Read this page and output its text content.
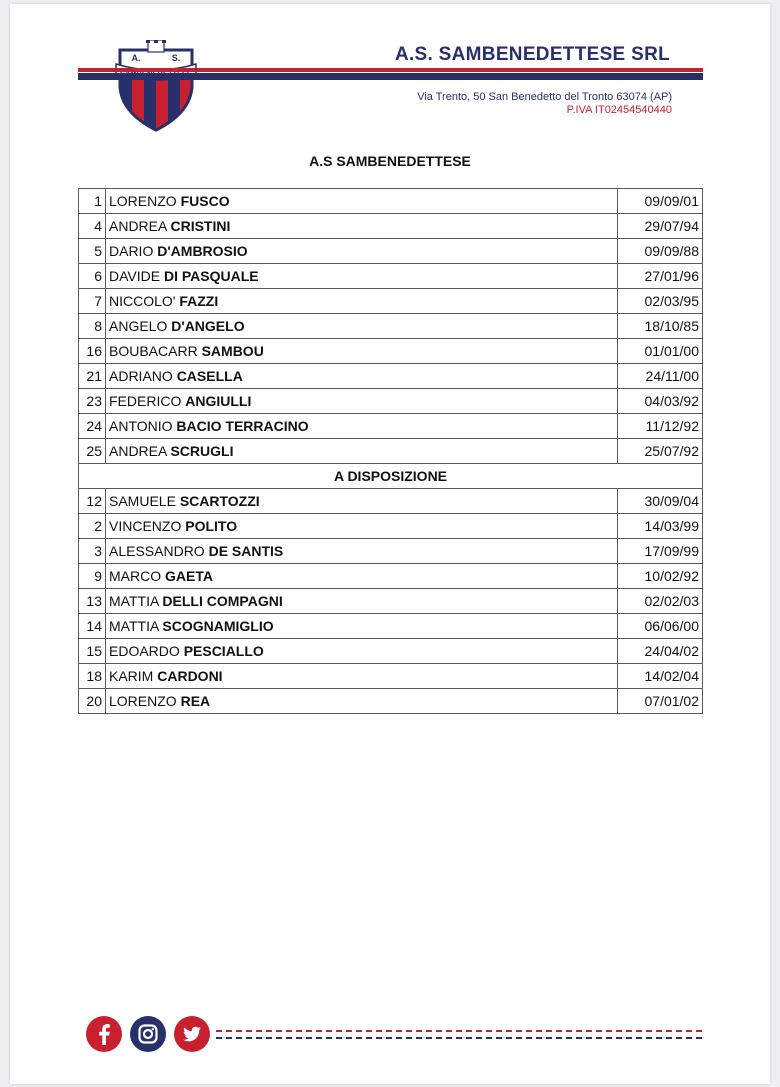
A.	S.	A.S. SAMBENEDETTESE SRL
Via Trento, 50 San Benedetto del Tronto 63074 (AP)
P.IVA IT02454540440
A.S SAMBENEDETTESE
1	LORENZO FUSCO	09/09/01
4	ANDREA CRISTINI	29/07/94
5	DARIO D'AMBROSIO	09/09/88
6	DAVIDE DI PASQUALE	27/01/96
7	NICCOLO' FAZZI	02/03/95
8	ANGELO D'ANGELO	18/10/85
16	BOUBACARR SAMBOU	01/01/00
21	ADRIANO CASELLA	24/11/00
23	FEDERICO ANGIULLI	04/03/92
24	ANTONIO BACIO TERRACINO	11/12/92
25	ANDREA SCRUGLI	25/07/92
A DISPOSIZIONE		
12	SAMUELE SCARTOZZI	30/09/04
2	VINCENZO POLITO	14/03/99
3	ALESSANDRO DE SANTIS	17/09/99
9	MARCO GAETA	10/02/92
13	MATTIA DELLI COMPAGNI	02/02/03
14	MATTIA SCOGNAMIGLIO	06/06/00
15	EDOARDO PESCIALLO	24/04/02
18	KARIM CARDONI	14/02/04
20	LORENZO REA	07/01/02
